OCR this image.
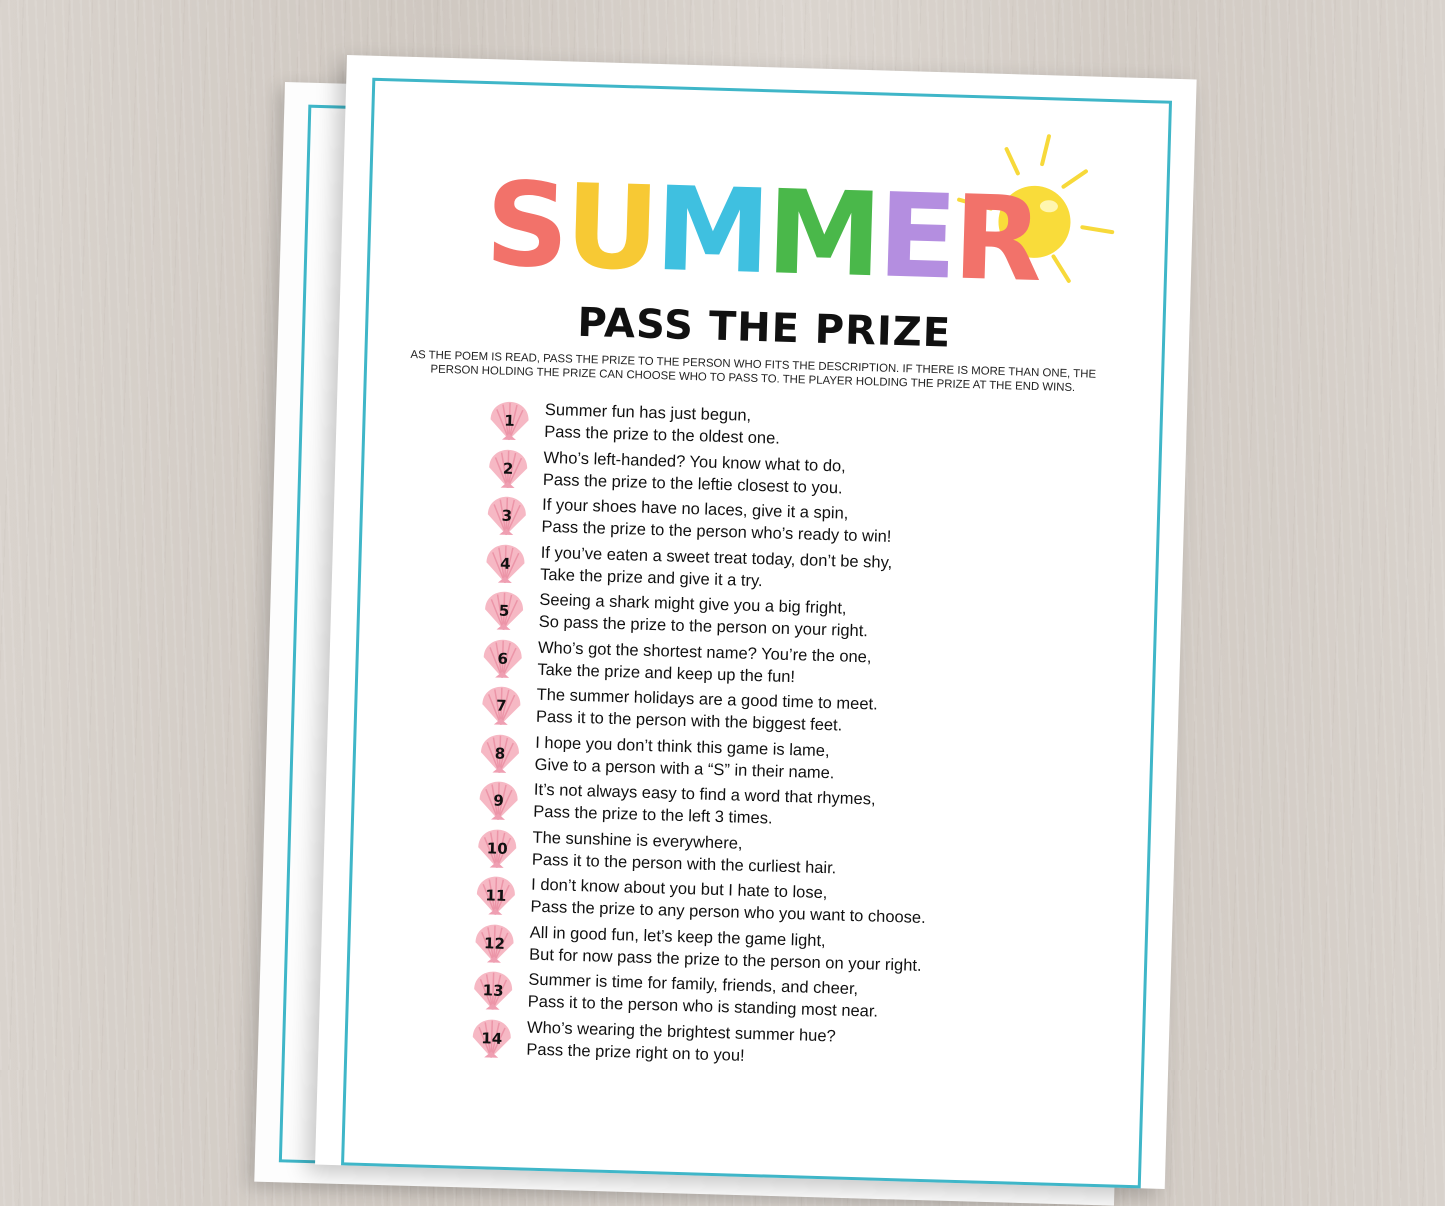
SUMMER
PASS THE PRIZE
AS THE POEM IS READ, PASS THE PRIZE TO THE PERSON WHO FITS THE DESCRIPTION. IF THERE IS MORE THAN ONE, THE PERSON HOLDING THE PRIZE CAN CHOOSE WHO TO PASS TO. THE PLAYER HOLDING THE PRIZE AT THE END WINS.
1	Summer fun has just begun,
Pass the prize to the oldest one.
2	Who’s left-handed? You know what to do,
Pass the prize to the leftie closest to you.
3	If your shoes have no laces, give it a spin,
Pass the prize to the person who’s ready to win!
4	If you’ve eaten a sweet treat today, don’t be shy,
Take the prize and give it a try.
5	Seeing a shark might give you a big fright,
So pass the prize to the person on your right.
6	Who’s got the shortest name? You’re the one,
Take the prize and keep up the fun!
7	The summer holidays are a good time to meet.
Pass it to the person with the biggest feet.
8	I hope you don’t think this game is lame,
Give to a person with a “S” in their name.
9	It’s not always easy to find a word that rhymes,
Pass the prize to the left 3 times.
10	The sunshine is everywhere,
Pass it to the person with the curliest hair.
11	I don’t know about you but I hate to lose,
Pass the prize to any person who you want to choose.
12	All in good fun, let’s keep the game light,
But for now pass the prize to the person on your right.
13	Summer is time for family, friends, and cheer,
Pass it to the person who is standing most near.
14	Who’s wearing the brightest summer hue?
Pass the prize right on to you!
